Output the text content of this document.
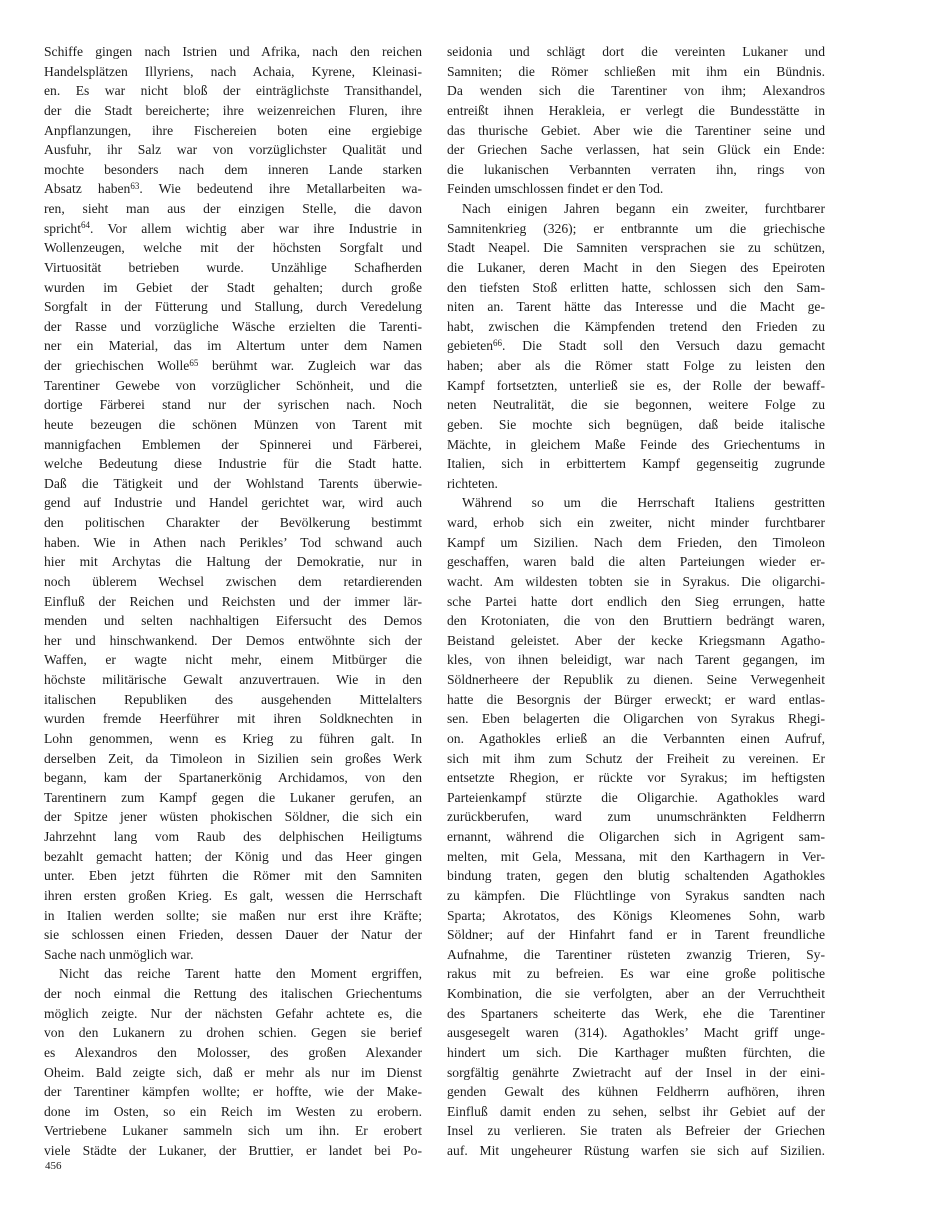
Schiffe gingen nach Istrien und Afrika, nach den reichen
Handelsplätzen Illyriens, nach Achaia, Kyrene, Kleinasi-
en. Es war nicht bloß der einträglichste Transithandel,
der die Stadt bereicherte; ihre weizenreichen Fluren, ihre
Anpflanzungen, ihre Fischereien boten eine ergiebige
Ausfuhr, ihr Salz war von vorzüglichster Qualität und
mochte besonders nach dem inneren Lande starken
Absatz haben$^{63}$. Wie bedeutend ihre Metallarbeiten wa-
ren, sieht man aus der einzigen Stelle, die davon
spricht$^{64}$. Vor allem wichtig aber war ihre Industrie in
Wollenzeugen, welche mit der höchsten Sorgfalt und
Virtuosität betrieben wurde. Unzählige Schafherden
wurden im Gebiet der Stadt gehalten; durch große
Sorgfalt in der Fütterung und Stallung, durch Veredelung
der Rasse und vorzügliche Wäsche erzielten die Tarenti-
ner ein Material, das im Altertum unter dem Namen
der griechischen Wolle$^{65}$ berühmt war. Zugleich war das
Tarentiner Gewebe von vorzüglicher Schönheit, und die
dortige Färberei stand nur der syrischen nach. Noch
heute bezeugen die schönen Münzen von Tarent mit
mannigfachen Emblemen der Spinnerei und Färberei,
welche Bedeutung diese Industrie für die Stadt hatte.
Daß die Tätigkeit und der Wohlstand Tarents überwie-
gend auf Industrie und Handel gerichtet war, wird auch
den politischen Charakter der Bevölkerung bestimmt
haben. Wie in Athen nach Perikles’ Tod schwand auch
hier mit Archytas die Haltung der Demokratie, nur in
noch üblerem Wechsel zwischen dem retardierenden
Einfluß der Reichen und Reichsten und der immer lär-
menden und selten nachhaltigen Eifersucht des Demos
her und hinschwankend. Der Demos entwöhnte sich der
Waffen, er wagte nicht mehr, einem Mitbürger die
höchste militärische Gewalt anzuvertrauen. Wie in den
italischen Republiken des ausgehenden Mittelalters
wurden fremde Heerführer mit ihren Soldknechten in
Lohn genommen, wenn es Krieg zu führen galt. In
derselben Zeit, da Timoleon in Sizilien sein großes Werk
begann, kam der Spartanerkönig Archidamos, von den
Tarentinern zum Kampf gegen die Lukaner gerufen, an
der Spitze jener wüsten phokischen Söldner, die sich ein
Jahrzehnt lang vom Raub des delphischen Heiligtums
bezahlt gemacht hatten; der König und das Heer gingen
unter. Eben jetzt führten die Römer mit den Samniten
ihren ersten großen Krieg. Es galt, wessen die Herrschaft
in Italien werden sollte; sie maßen nur erst ihre Kräfte;
sie schlossen einen Frieden, dessen Dauer der Natur der
Sache nach unmöglich war.
Nicht das reiche Tarent hatte den Moment ergriffen,
der noch einmal die Rettung des italischen Griechentums
möglich zeigte. Nur der nächsten Gefahr achtete es, die
von den Lukanern zu drohen schien. Gegen sie berief
es Alexandros den Molosser, des großen Alexander
Oheim. Bald zeigte sich, daß er mehr als nur im Dienst
der Tarentiner kämpfen wollte; er hoffte, wie der Make-
done im Osten, so ein Reich im Westen zu erobern.
Vertriebene Lukaner sammeln sich um ihn. Er erobert
viele Städte der Lukaner, der Bruttier, er landet bei Po-
seidonia und schlägt dort die vereinten Lukaner und
Samniten; die Römer schließen mit ihm ein Bündnis.
Da wenden sich die Tarentiner von ihm; Alexandros
entreißt ihnen Herakleia, er verlegt die Bundesstätte in
das thurische Gebiet. Aber wie die Tarentiner seine und
der Griechen Sache verlassen, hat sein Glück ein Ende:
die lukanischen Verbannten verraten ihn, rings von
Feinden umschlossen findet er den Tod.
Nach einigen Jahren begann ein zweiter, furchtbarer
Samnitenkrieg (326); er entbrannte um die griechische
Stadt Neapel. Die Samniten versprachen sie zu schützen,
die Lukaner, deren Macht in den Siegen des Epeiroten
den tiefsten Stoß erlitten hatte, schlossen sich den Sam-
niten an. Tarent hätte das Interesse und die Macht ge-
habt, zwischen die Kämpfenden tretend den Frieden zu
gebieten$^{66}$. Die Stadt soll den Versuch dazu gemacht
haben; aber als die Römer statt Folge zu leisten den
Kampf fortsetzten, unterließ sie es, der Rolle der bewaff-
neten Neutralität, die sie begonnen, weitere Folge zu
geben. Sie mochte sich begnügen, daß beide italische
Mächte, in gleichem Maße Feinde des Griechentums in
Italien, sich in erbittertem Kampf gegenseitig zugrunde
richteten.
Während so um die Herrschaft Italiens gestritten
ward, erhob sich ein zweiter, nicht minder furchtbarer
Kampf um Sizilien. Nach dem Frieden, den Timoleon
geschaffen, waren bald die alten Parteiungen wieder er-
wacht. Am wildesten tobten sie in Syrakus. Die oligarchi-
sche Partei hatte dort endlich den Sieg errungen, hatte
den Krotoniaten, die von den Bruttiern bedrängt waren,
Beistand geleistet. Aber der kecke Kriegsmann Agatho-
kles, von ihnen beleidigt, war nach Tarent gegangen, im
Söldnerheere der Republik zu dienen. Seine Verwegenheit
hatte die Besorgnis der Bürger erweckt; er ward entlas-
sen. Eben belagerten die Oligarchen von Syrakus Rhegi-
on. Agathokles erließ an die Verbannten einen Aufruf,
sich mit ihm zum Schutz der Freiheit zu vereinen. Er
entsetzte Rhegion, er rückte vor Syrakus; im heftigsten
Parteienkampf stürzte die Oligarchie. Agathokles ward
zurückberufen, ward zum unumschränkten Feldherrn
ernannt, während die Oligarchen sich in Agrigent sam-
melten, mit Gela, Messana, mit den Karthagern in Ver-
bindung traten, gegen den blutig schaltenden Agathokles
zu kämpfen. Die Flüchtlinge von Syrakus sandten nach
Sparta; Akrotatos, des Königs Kleomenes Sohn, warb
Söldner; auf der Hinfahrt fand er in Tarent freundliche
Aufnahme, die Tarentiner rüsteten zwanzig Trieren, Sy-
rakus mit zu befreien. Es war eine große politische
Kombination, die sie verfolgten, aber an der Verruchtheit
des Spartaners scheiterte das Werk, ehe die Tarentiner
ausgesegelt waren (314). Agathokles’ Macht griff unge-
hindert um sich. Die Karthager mußten fürchten, die
sorgfältig genährte Zwietracht auf der Insel in der eini-
genden Gewalt des kühnen Feldherrn aufhören, ihren
Einfluß damit enden zu sehen, selbst ihr Gebiet auf der
Insel zu verlieren. Sie traten als Befreier der Griechen
auf. Mit ungeheurer Rüstung warfen sie sich auf Sizilien.
456
